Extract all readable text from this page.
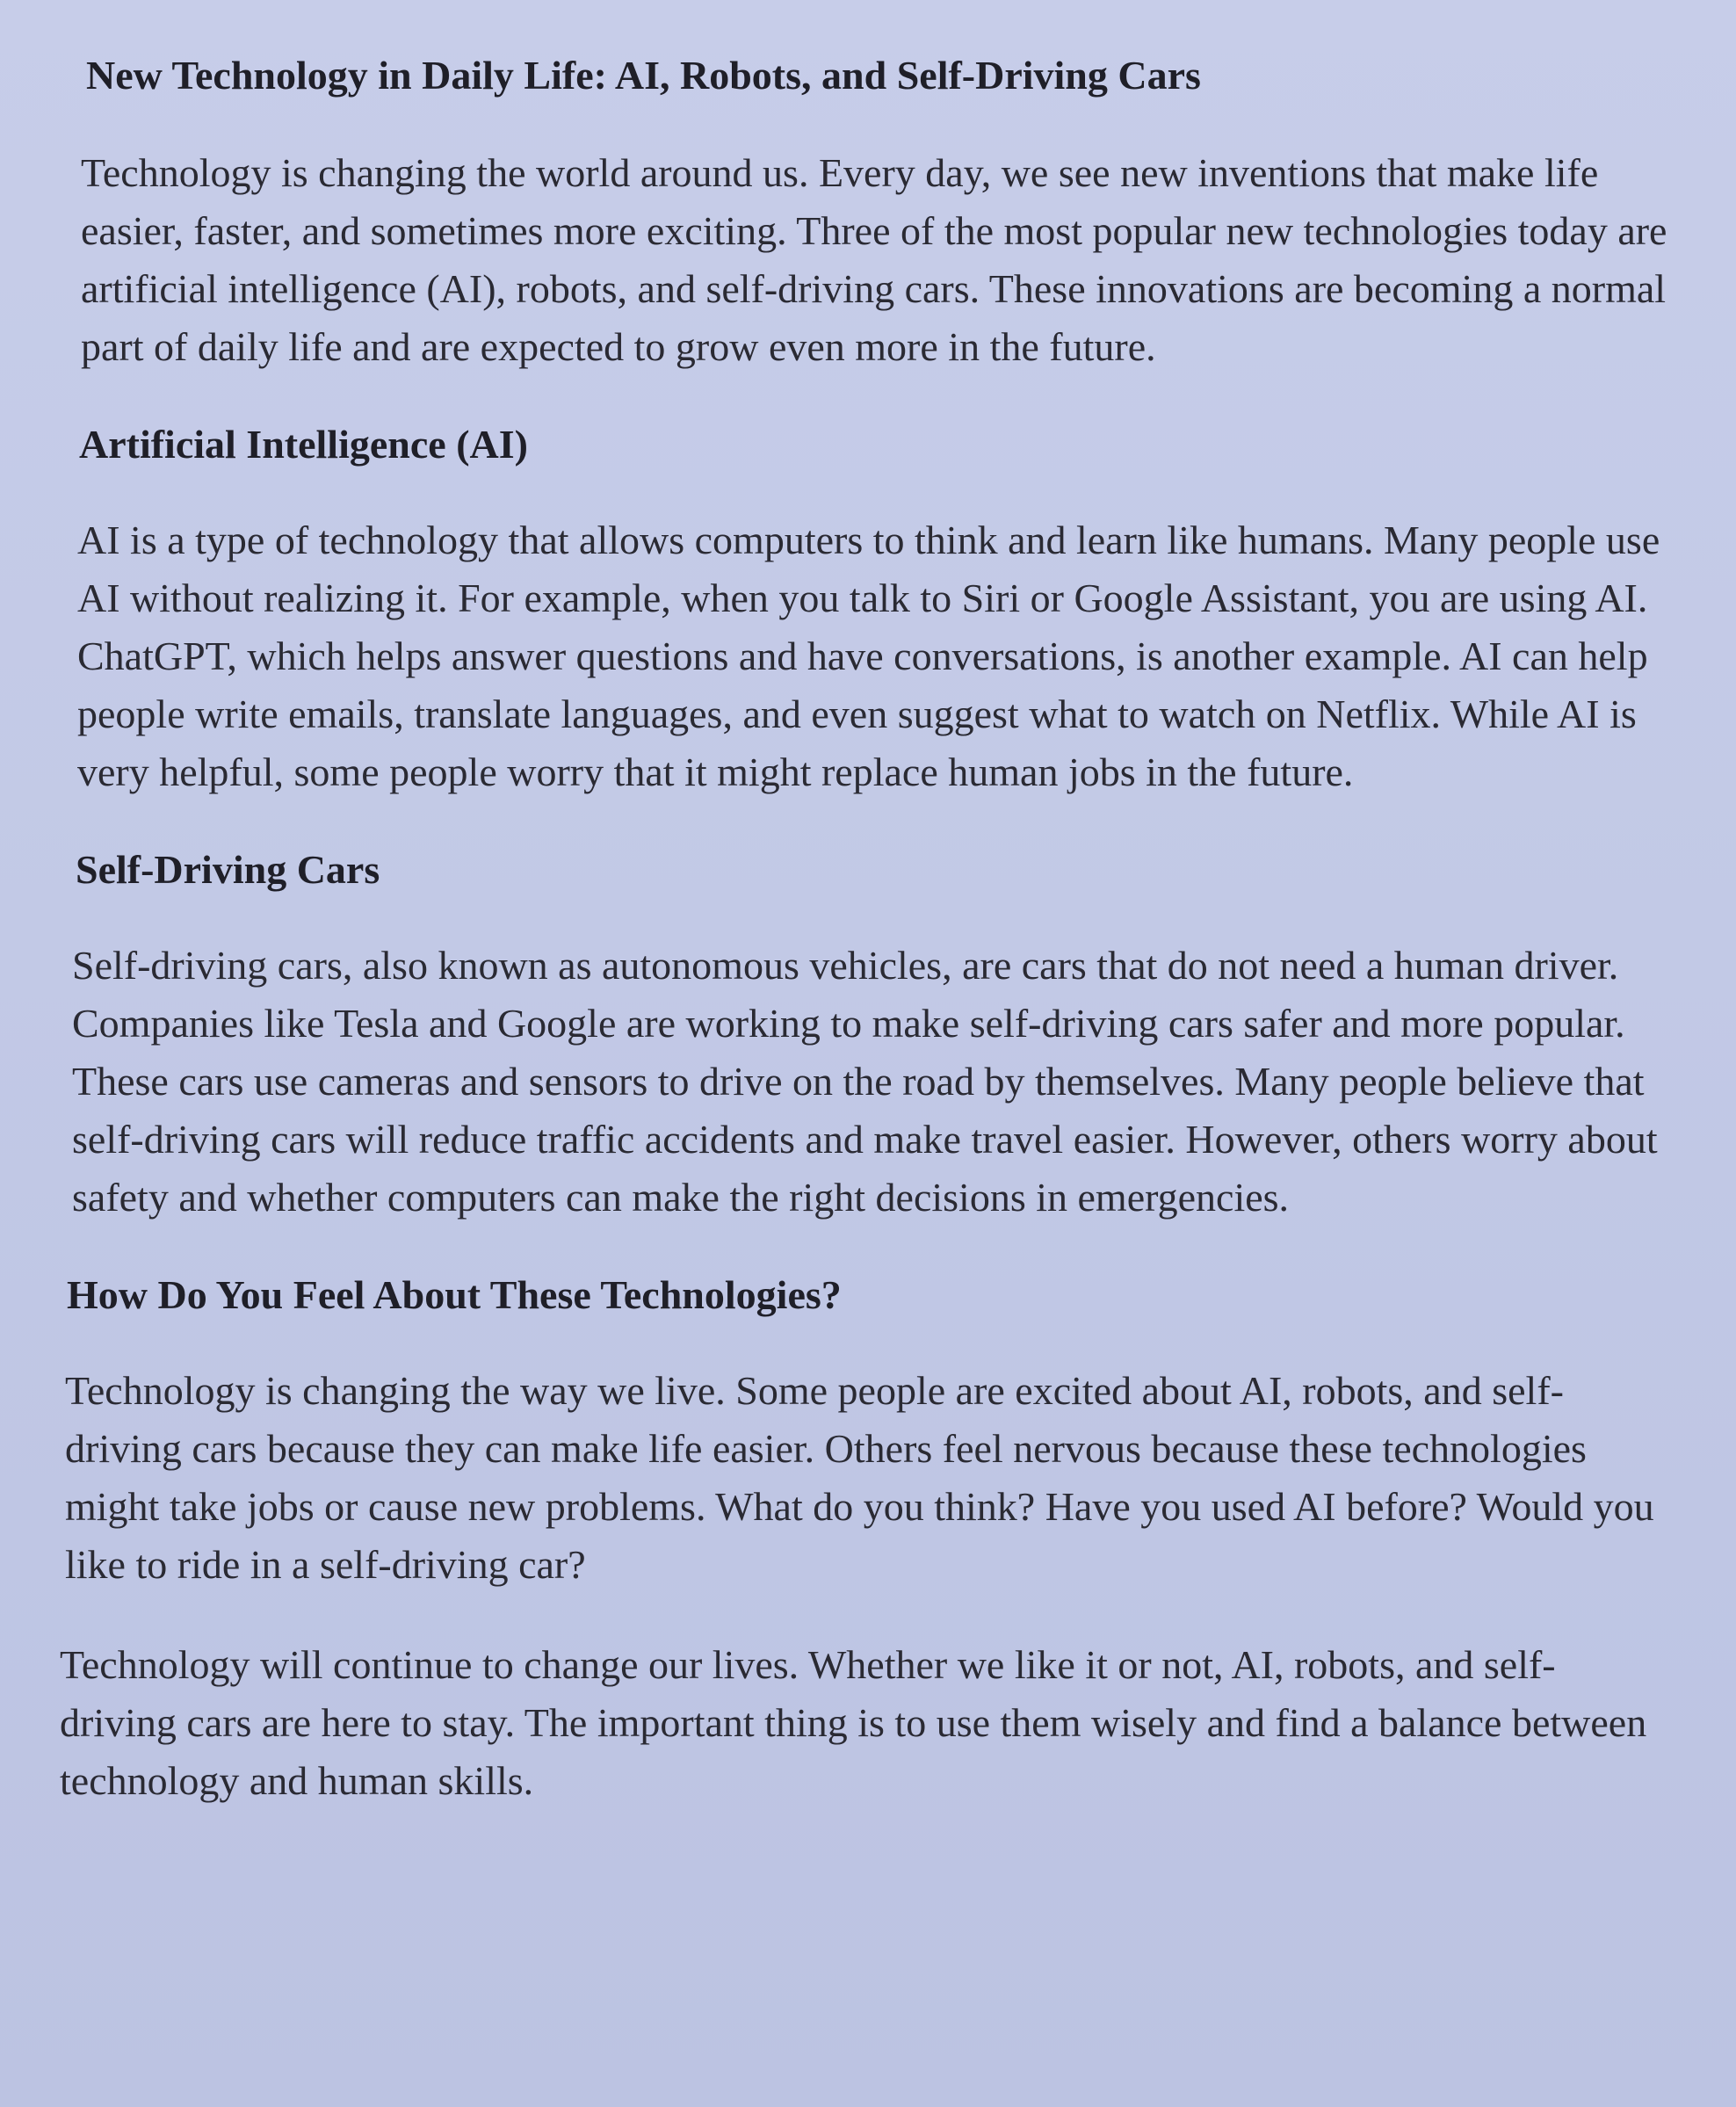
New Technology in Daily Life: AI, Robots, and Self-Driving Cars

Technology is changing the world around us. Every day, we see new inventions that make life easier, faster, and sometimes more exciting. Three of the most popular new technologies today are artificial intelligence (AI), robots, and self-driving cars. These innovations are becoming a normal part of daily life and are expected to grow even more in the future.

Artificial Intelligence (AI)

AI is a type of technology that allows computers to think and learn like humans. Many people use AI without realizing it. For example, when you talk to Siri or Google Assistant, you are using AI. ChatGPT, which helps answer questions and have conversations, is another example. AI can help people write emails, translate languages, and even suggest what to watch on Netflix. While AI is very helpful, some people worry that it might replace human jobs in the future.

Self-Driving Cars

Self-driving cars, also known as autonomous vehicles, are cars that do not need a human driver. Companies like Tesla and Google are working to make self-driving cars safer and more popular. These cars use cameras and sensors to drive on the road by themselves. Many people believe that self-driving cars will reduce traffic accidents and make travel easier. However, others worry about safety and whether computers can make the right decisions in emergencies.

How Do You Feel About These Technologies?

Technology is changing the way we live. Some people are excited about AI, robots, and self-driving cars because they can make life easier. Others feel nervous because these technologies might take jobs or cause new problems. What do you think? Have you used AI before? Would you like to ride in a self-driving car?

Technology will continue to change our lives. Whether we like it or not, AI, robots, and self-driving cars are here to stay. The important thing is to use them wisely and find a balance between technology and human skills.
